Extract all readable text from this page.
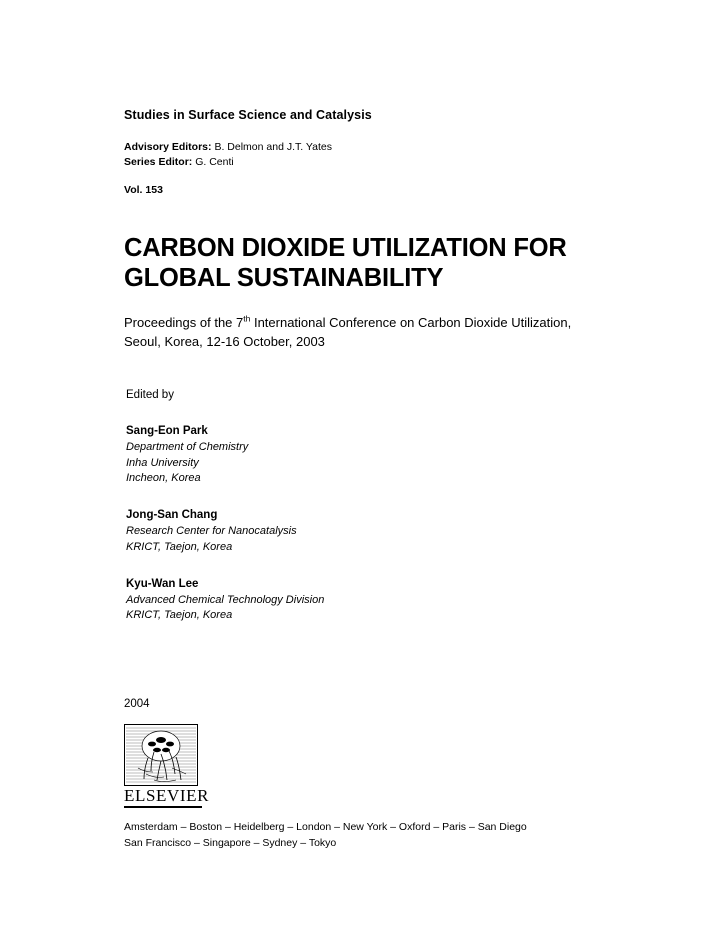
Studies in Surface Science and Catalysis
Advisory Editors: B. Delmon and J.T. Yates
Series Editor: G. Centi
Vol. 153
CARBON DIOXIDE UTILIZATION FOR
GLOBAL SUSTAINABILITY
Proceedings of the 7th International Conference on Carbon Dioxide Utilization,
Seoul, Korea, 12-16 October, 2003
Edited by
Sang-Eon Park
Department of Chemistry
Inha University
Incheon, Korea
Jong-San Chang
Research Center for Nanocatalysis
KRICT, Taejon, Korea
Kyu-Wan Lee
Advanced Chemical Technology Division
KRICT, Taejon, Korea
2004
ELSEVIER
Amsterdam – Boston – Heidelberg – London – New York – Oxford – Paris – San Diego
San Francisco – Singapore – Sydney – Tokyo
